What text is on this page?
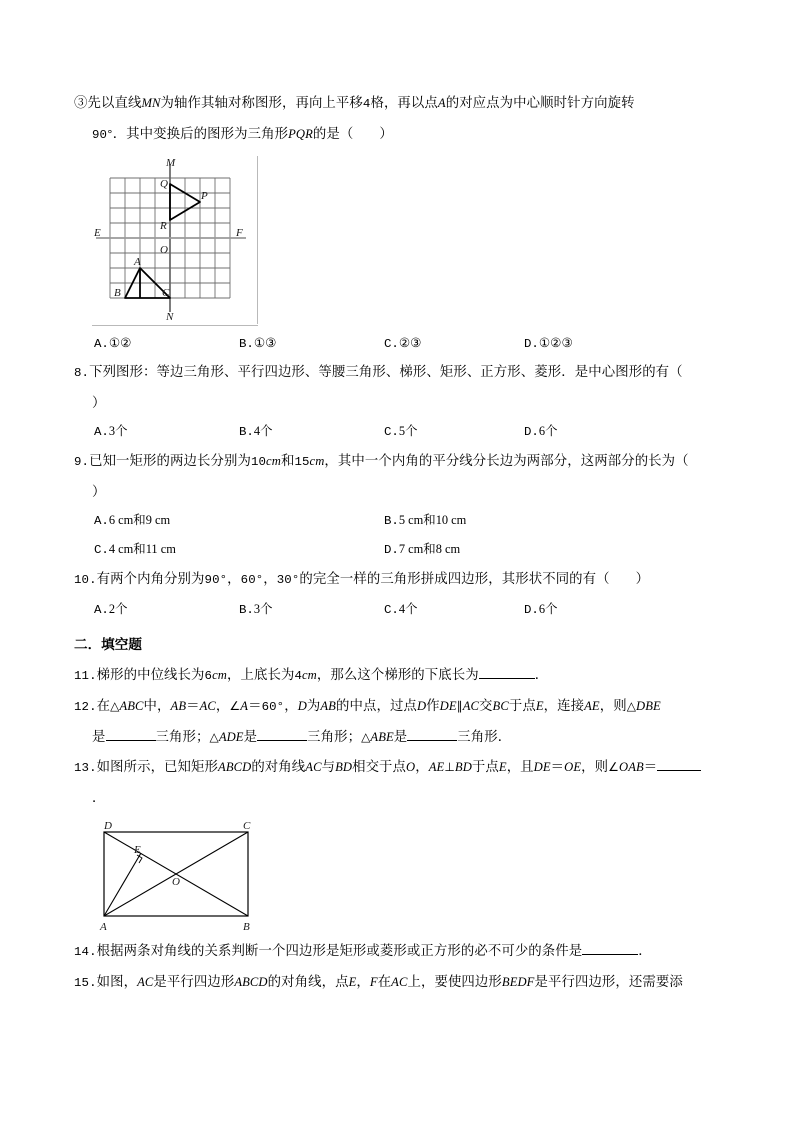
③先以直线MN为轴作其轴对称图形，再向上平移4格，再以点A的对应点为中心顺时针方向旋转
90°．其中变换后的图形为三角形PQR的是（ ）
M
N
E	F
O
A
B	C
P
Q
R
A.①②	B.①③	C.②③	D.①②③
8.下列图形：等边三角形、平行四边形、等腰三角形、梯形、矩形、正方形、菱形．是中心图形的有（
）
A.3个	B.4个	C.5个	D.6个
9.已知一矩形的两边长分别为10cm和15cm，其中一个内角的平分线分长边为两部分，这两部分的长为（
）
A.6 cm和9 cm	B.5 cm和10 cm
C.4 cm和11 cm	D.7 cm和8 cm
10.有两个内角分别为90°，60°，30°的完全一样的三角形拼成四边形，其形状不同的有（ ）
A.2个	B.3个	C.4个	D.6个
二．填空题
11.梯形的中位线长为6cm，上底长为4cm，那么这个梯形的下底长为	．
12.在△ABC中，AB＝AC，∠A＝60°，D为AB的中点，过点D作DE∥AC交BC于点E，连接AE，则△DBE
是	三角形；△ADE是	三角形；△ABE是	三角形．
13.如图所示，已知矩形ABCD的对角线AC与BD相交于点O，AE⊥BD于点E，且DE＝OE，则∠OAB＝
．
D	C
A	B
E
O
14.根据两条对角线的关系判断一个四边形是矩形或菱形或正方形的必不可少的条件是	．
15.如图，AC是平行四边形ABCD的对角线，点E，F在AC上，要使四边形BEDF是平行四边形，还需要添
